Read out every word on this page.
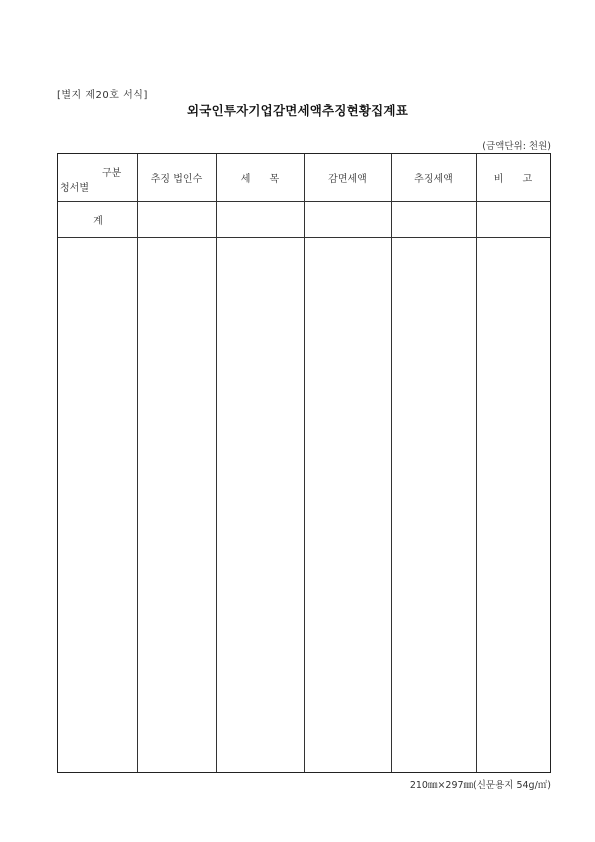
[별지 제20호 서식]
외국인투자기업감면세액추징현황집계표
(금액단위: 천원)
구분
청서별
추징 법인수	세      목	감면세액	추징세액	비      고
계
210㎜×297㎜(신문용지 54g/㎡)
